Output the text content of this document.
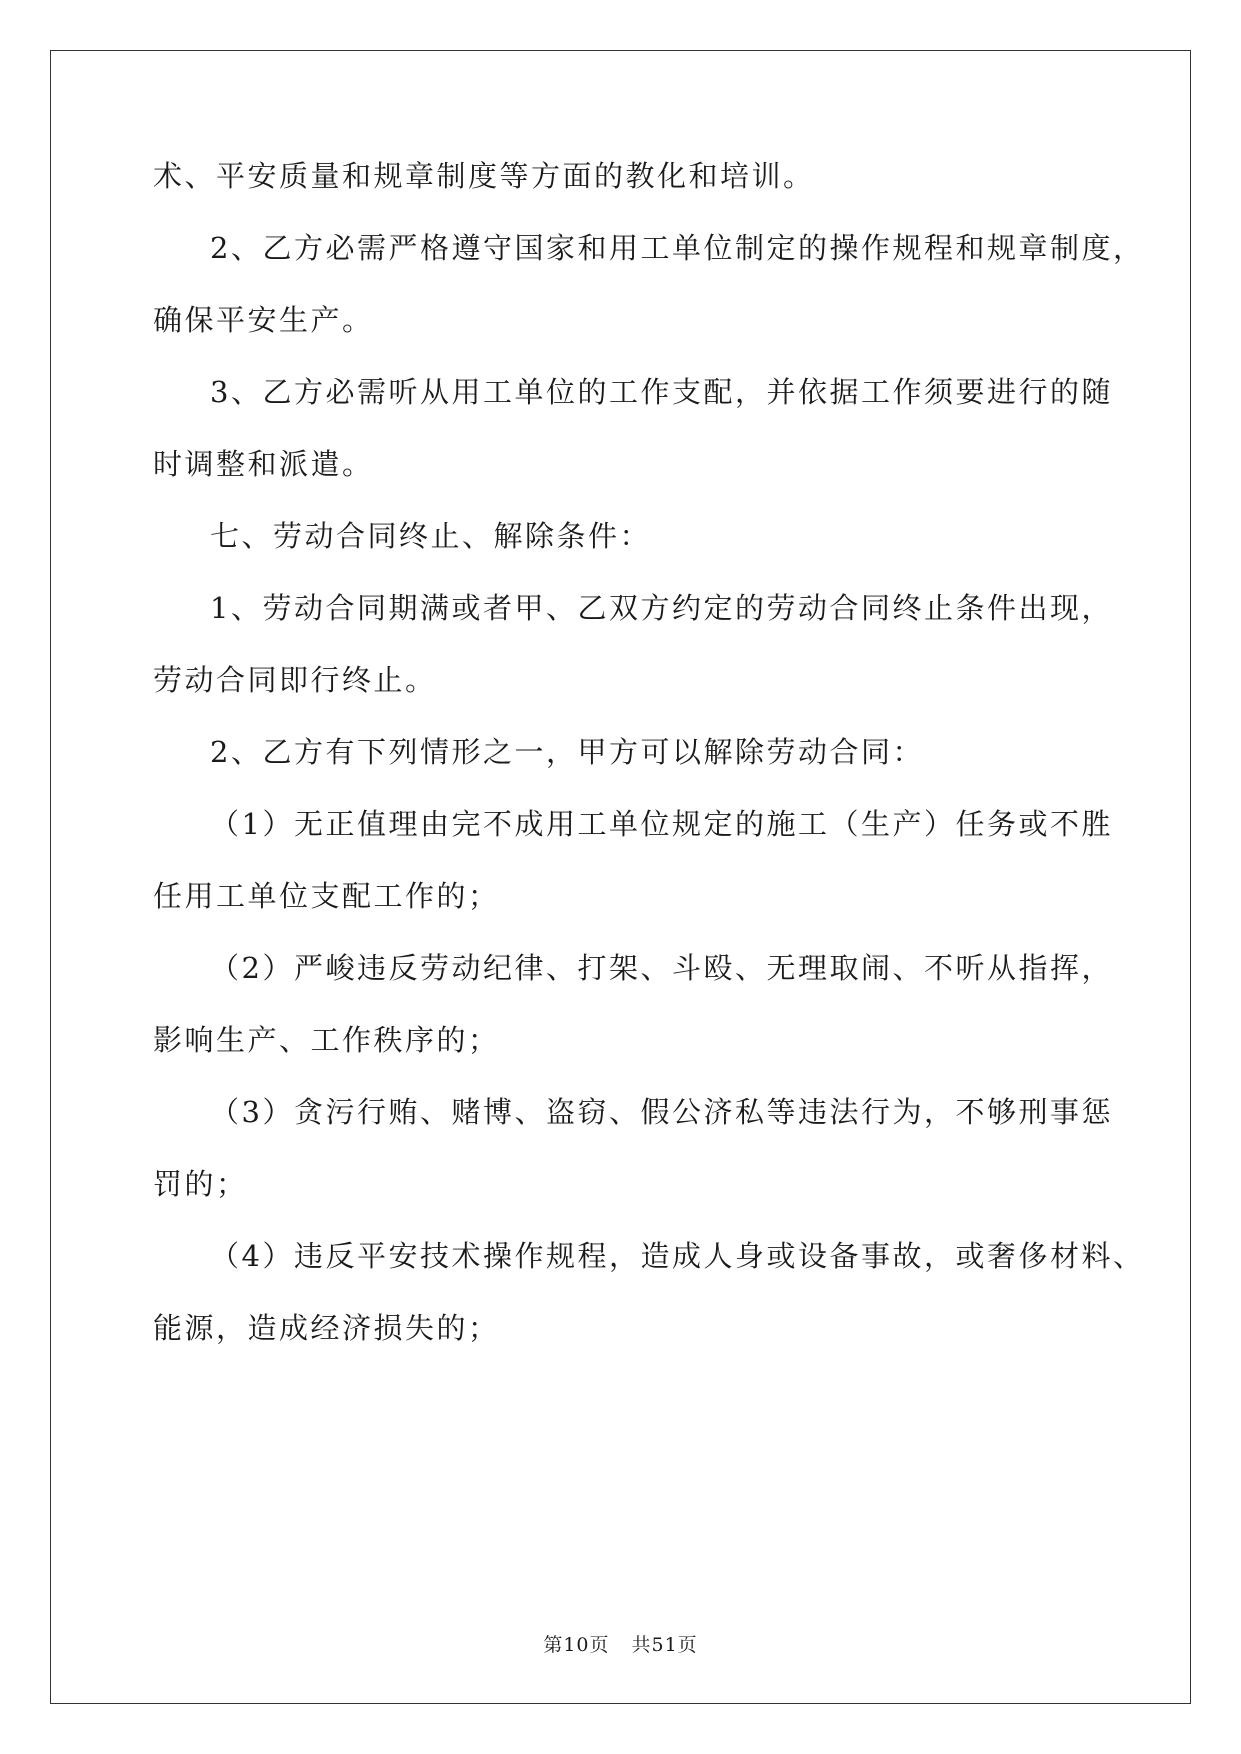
术、平安质量和规章制度等方面的教化和培训。
2、乙方必需严格遵守国家和用工单位制定的操作规程和规章制度，
确保平安生产。
3、乙方必需听从用工单位的工作支配，并依据工作须要进行的随
时调整和派遣。
七、劳动合同终止、解除条件：
1、劳动合同期满或者甲、乙双方约定的劳动合同终止条件出现，
劳动合同即行终止。
2、乙方有下列情形之一，甲方可以解除劳动合同：
（1）无正值理由完不成用工单位规定的施工（生产）任务或不胜
任用工单位支配工作的；
（2）严峻违反劳动纪律、打架、斗殴、无理取闹、不听从指挥，
影响生产、工作秩序的；
（3）贪污行贿、赌博、盗窃、假公济私等违法行为，不够刑事惩
罚的；
（4）违反平安技术操作规程，造成人身或设备事故，或奢侈材料、
能源，造成经济损失的；
第10页 共51页
